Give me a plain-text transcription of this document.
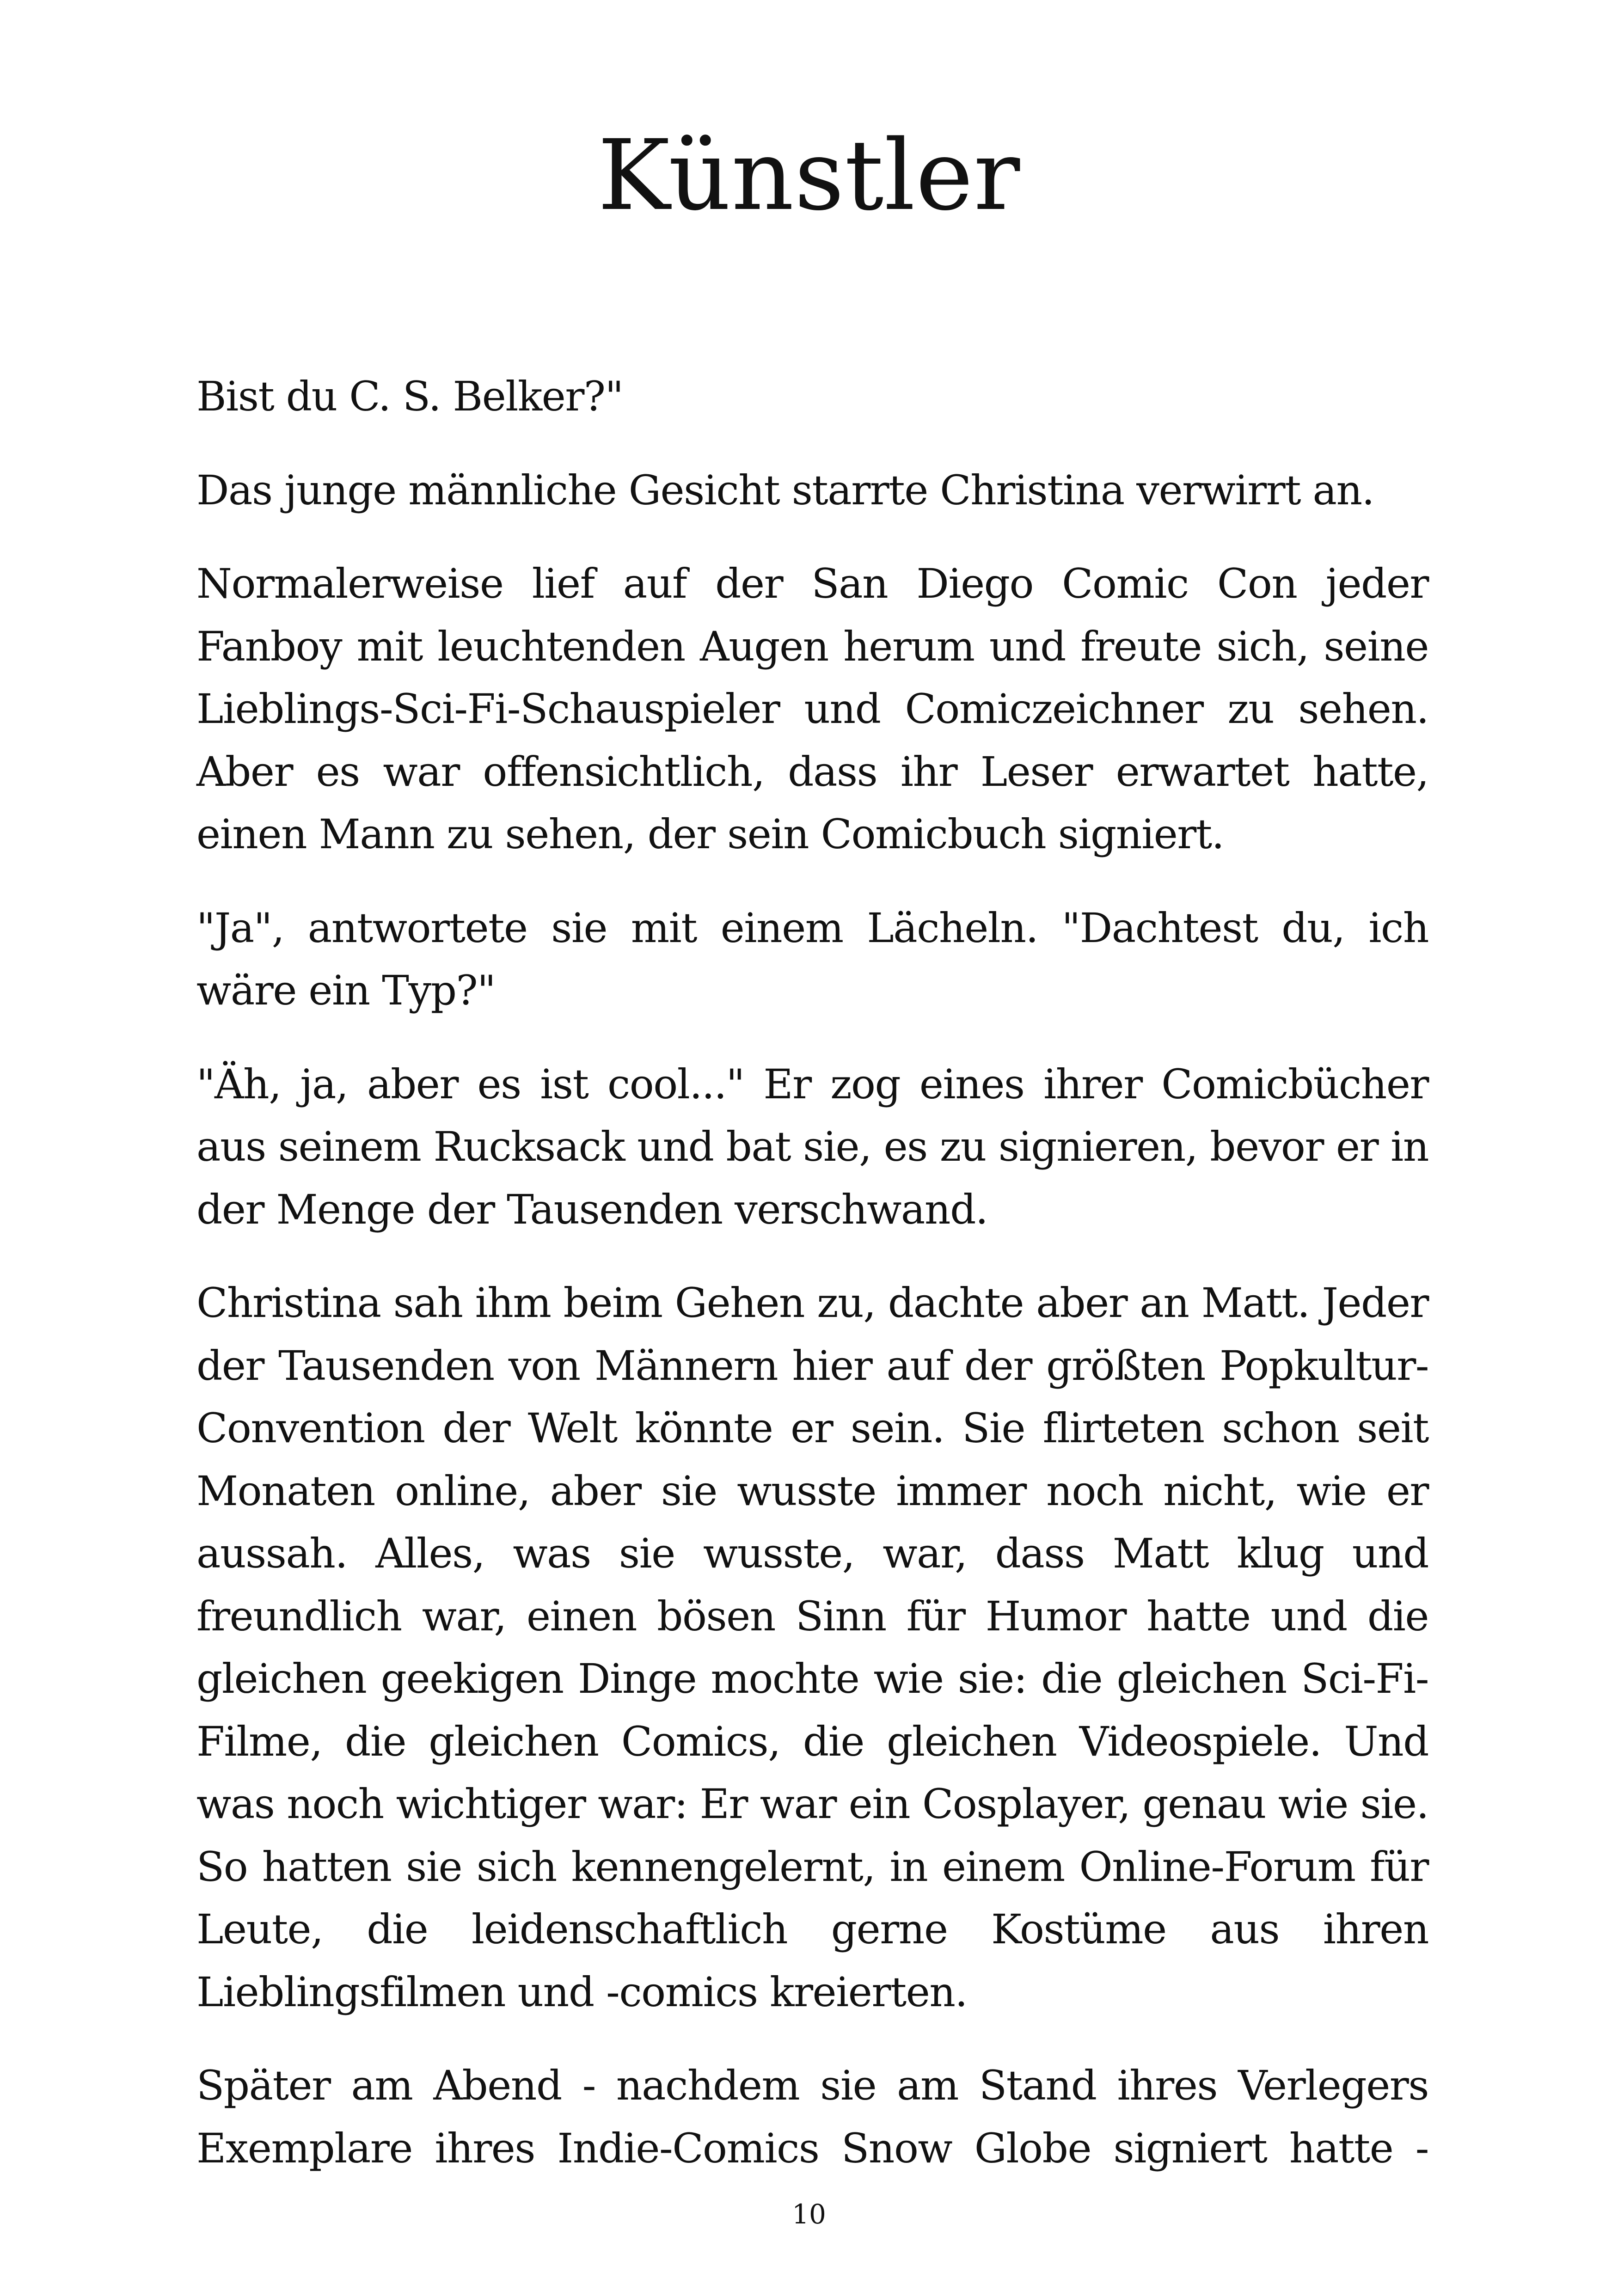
Künstler

Bist du C. S. Belker?"

Das junge männliche Gesicht starrte Christina verwirrt an.

Normalerweise lief auf der San Diego Comic Con jeder Fanboy mit leuchtenden Augen herum und freute sich, seine Lieblings-Sci-Fi-Schauspieler und Comiczeichner zu sehen. Aber es war offensichtlich, dass ihr Leser erwartet hatte, einen Mann zu sehen, der sein Comicbuch signiert.

"Ja", antwortete sie mit einem Lächeln. "Dachtest du, ich wäre ein Typ?"

"Äh, ja, aber es ist cool..." Er zog eines ihrer Comicbücher aus seinem Rucksack und bat sie, es zu signieren, bevor er in der Menge der Tausenden verschwand.

Christina sah ihm beim Gehen zu, dachte aber an Matt. Jeder der Tausenden von Männern hier auf der größten Popkultur-Convention der Welt könnte er sein. Sie flirteten schon seit Monaten online, aber sie wusste immer noch nicht, wie er aussah. Alles, was sie wusste, war, dass Matt klug und freundlich war, einen bösen Sinn für Humor hatte und die gleichen geekigen Dinge mochte wie sie: die gleichen Sci-Fi-Filme, die gleichen Comics, die gleichen Videospiele. Und was noch wichtiger war: Er war ein Cosplayer, genau wie sie. So hatten sie sich kennengelernt, in einem Online-Forum für Leute, die leidenschaftlich gerne Kostüme aus ihren Lieblingsfilmen und -comics kreierten.

Später am Abend - nachdem sie am Stand ihres Verlegers Exemplare ihres Indie-Comics Snow Globe signiert hatte -

10
